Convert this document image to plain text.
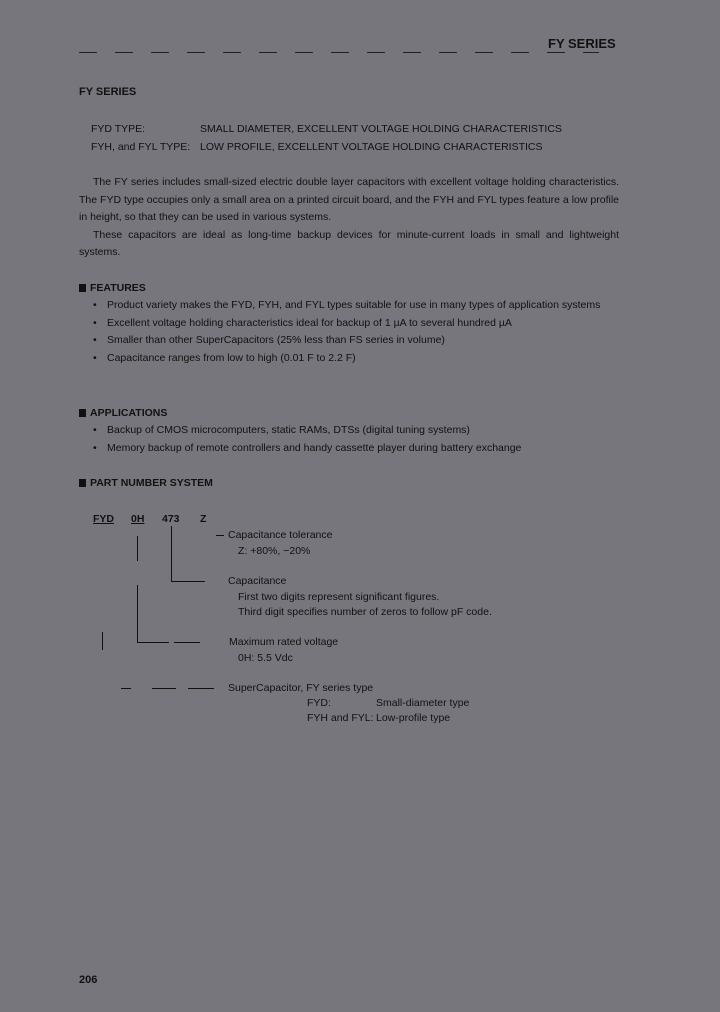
FY SERIES
FY SERIES
FYD TYPE:	SMALL DIAMETER, EXCELLENT VOLTAGE HOLDING CHARACTERISTICS
FYH, and FYL TYPE: LOW PROFILE, EXCELLENT VOLTAGE HOLDING CHARACTERISTICS

The FY series includes small-sized electric double layer capacitors with excellent voltage holding characteristics. The FYD type occupies only a small area on a printed circuit board, and the FYH and FYL types feature a low profile in height, so that they can be used in various systems.

These capacitors are ideal as long-time backup devices for minute-current loads in small and lightweight systems.

FEATURES
• Product variety makes the FYD, FYH, and FYL types suitable for use in many types of application systems
• Excellent voltage holding characteristics ideal for backup of 1 µA to several hundred µA
• Smaller than other SuperCapacitors (25% less than FS series in volume)
• Capacitance ranges from low to high (0.01 F to 2.2 F)
APPLICATIONS
• Backup of CMOS microcomputers, static RAMs, DTSs (digital tuning systems)
• Memory backup of remote controllers and handy cassette player during battery exchange
PART NUMBER SYSTEM
FYD 0H 473 Z
Capacitance tolerance
Z: +80%, −20%
Capacitance
First two digits represent significant figures.
Third digit specifies number of zeros to follow pF code.
Maximum rated voltage
0H: 5.5 Vdc
SuperCapacitor, FY series type
FYD:	Small-diameter type
FYH and FYL: Low-profile type
206
